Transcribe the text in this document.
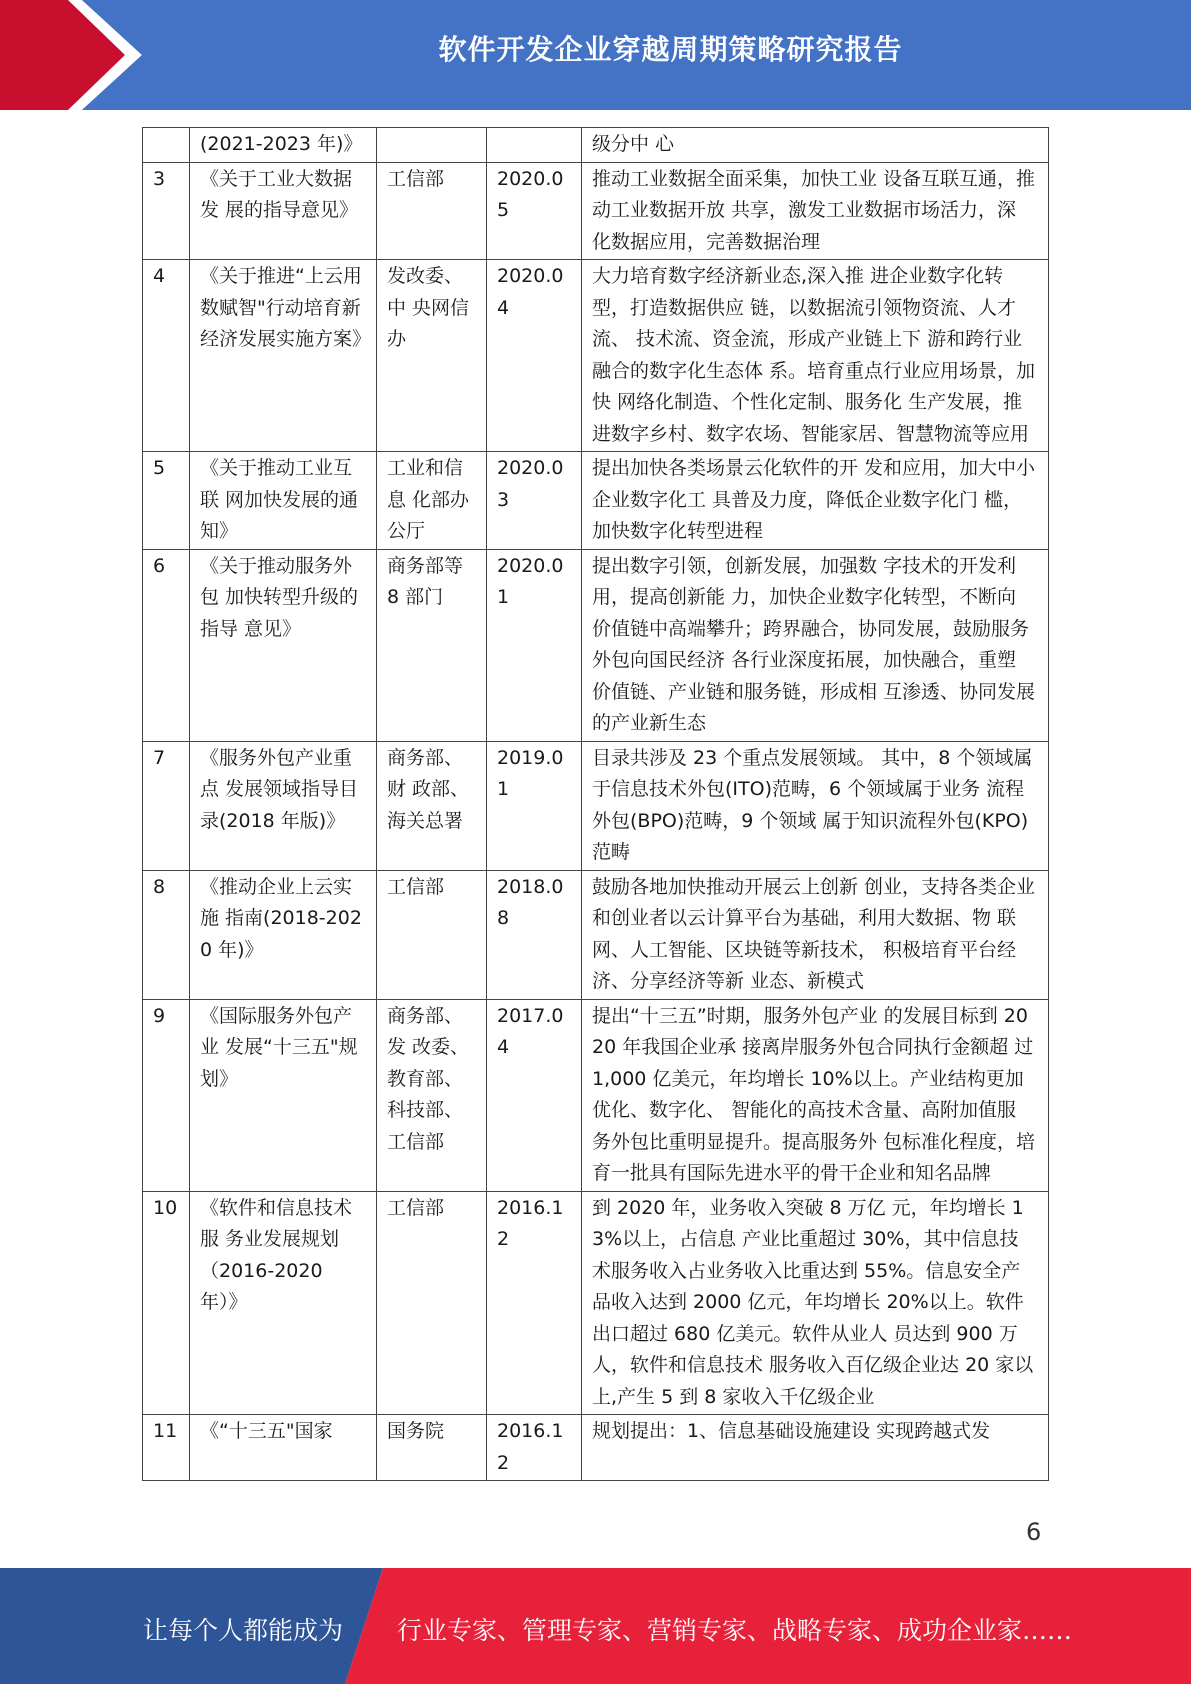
软件开发企业穿越周期策略研究报告
	(2021-2023 年)》			级分中 心
3	《关于工业大数据发 展的指导意见》	工信部	2020.05	推动工业数据全面采集，加快工业 设备互联互通，推动工业数据开放 共享，激发工业数据市场活力，深 化数据应用，完善数据治理
4	《关于推进“上云用 数赋智"行动培育新 经济发展实施方案》	发改委、中 央网信办	2020.04	大力培育数字经济新业态,深入推 进企业数字化转型，打造数据供应 链，以数据流引领物资流、人才流、 技术流、资金流，形成产业链上下 游和跨行业融合的数字化生态体 系。培育重点行业应用场景，加快 网络化制造、个性化定制、服务化 生产发展，推进数字乡村、数字农场、智能家居、智慧物流等应用
5	《关于推动工业互联 网加快发展的通知》	工业和信息 化部办公厅	2020.03	提出加快各类场景云化软件的开 发和应用，加大中小企业数字化工 具普及力度，降低企业数字化门 槛，加快数字化转型进程
6	《关于推动服务外包 加快转型升级的指导 意见》	商务部等 8 部门	2020.01	提出数字引领，创新发展，加强数 字技术的开发利用，提高创新能 力，加快企业数字化转型，不断向 价值链中高端攀升；跨界融合，协同发展，鼓励服务外包向国民经济 各行业深度拓展，加快融合，重塑 价值链、产业链和服务链，形成相 互渗透、协同发展的产业新生态
7	《服务外包产业重点 发展领域指导目录(2018 年版)》	商务部、财 政部、海关总署	2019.01	目录共涉及 23 个重点发展领域。 其中，8 个领域属于信息技术外包(ITO)范畴，6 个领域属于业务 流程外包(BPO)范畴，9 个领域 属于知识流程外包(KPO)范畴
8	《推动企业上云实施 指南(2018-2020 年)》	工信部	2018.08	鼓励各地加快推动开展云上创新 创业，支持各类企业和创业者以云计算平台为基础，利用大数据、物 联网、人工智能、区块链等新技术， 积极培育平台经济、分享经济等新 业态、新模式
9	《国际服务外包产业 发展“十三五"规划》	商务部、发 改委、教育部、科技部、工信部	2017.04	提出“十三五”时期，服务外包产业 的发展目标到 2020 年我国企业承 接离岸服务外包合同执行金额超 过 1,000 亿美元，年均增长 10%以上。产业结构更加优化、数字化、 智能化的高技术含量、高附加值服 务外包比重明显提升。提高服务外 包标准化程度，培育一批具有国际先进水平的骨干企业和知名品牌
10	《软件和信息技术服 务业发展规划（2016-2020 年）》	工信部	2016.12	到 2020 年，业务收入突破 8 万亿 元，年均增长 13%以上，占信息 产业比重超过 30%，其中信息技 术服务收入占业务收入比重达到 55%。信息安全产品收入达到 2000 亿元，年均增长 20%以上。软件 出口超过 680 亿美元。软件从业人 员达到 900 万人，软件和信息技术 服务收入百亿级企业达 20 家以 上,产生 5 到 8 家收入千亿级企业
11	《“十三五"国家	国务院	2016.12	规划提出：1、信息基础设施建设 实现跨越式发
6
让每个人都能成为 行业专家、管理专家、营销专家、战略专家、成功企业家……
